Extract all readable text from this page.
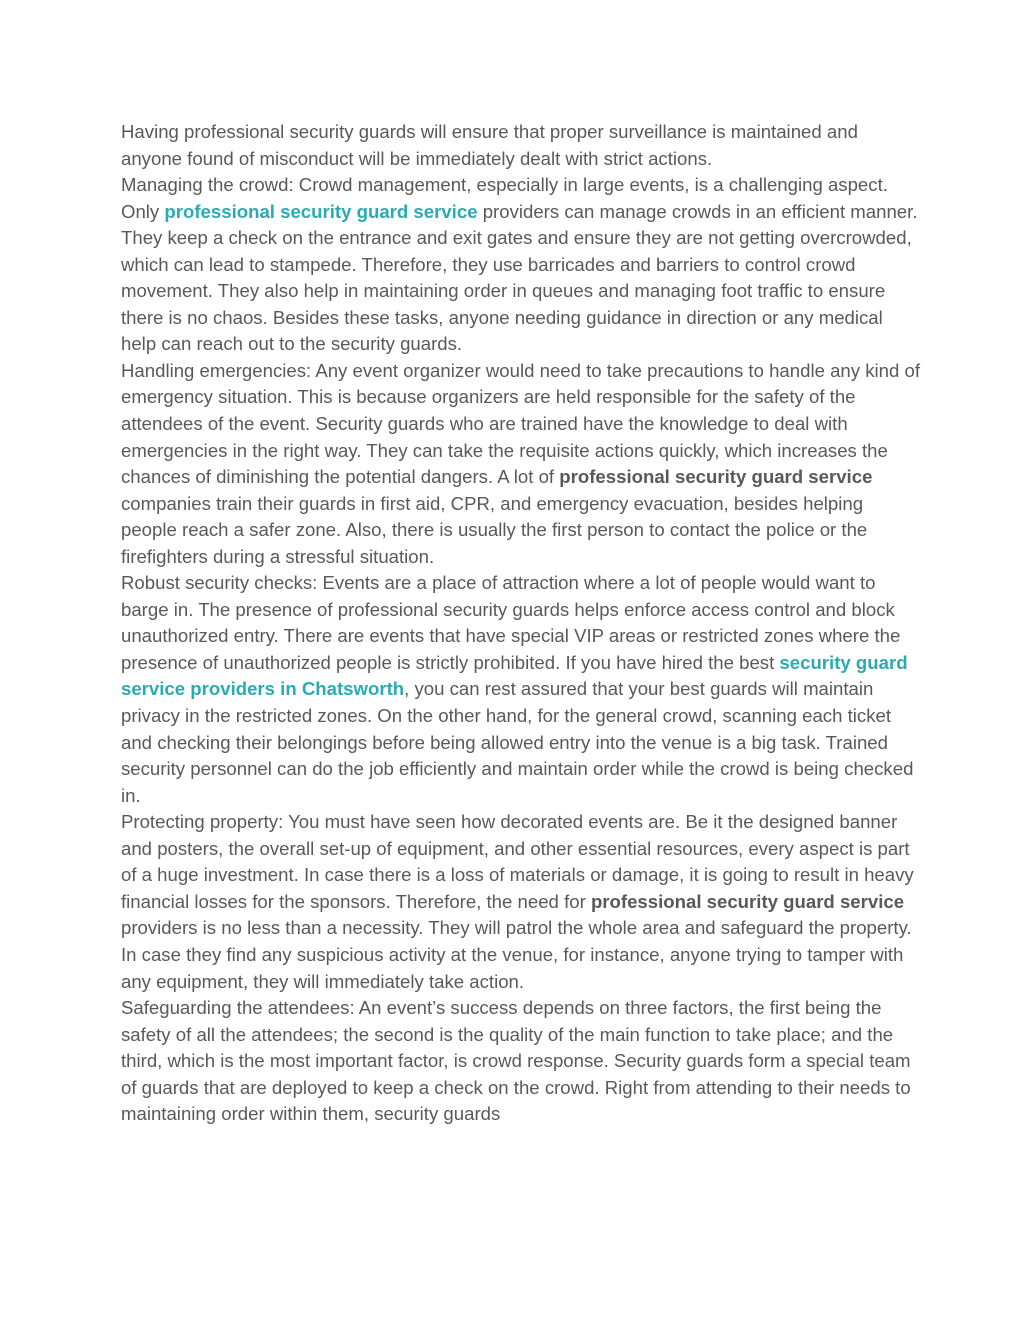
Having professional security guards will ensure that proper surveillance is maintained and anyone found of misconduct will be immediately dealt with strict actions.

Managing the crowd: Crowd management, especially in large events, is a challenging aspect. Only professional security guard service providers can manage crowds in an efficient manner. They keep a check on the entrance and exit gates and ensure they are not getting overcrowded, which can lead to stampede. Therefore, they use barricades and barriers to control crowd movement. They also help in maintaining order in queues and managing foot traffic to ensure there is no chaos. Besides these tasks, anyone needing guidance in direction or any medical help can reach out to the security guards.

Handling emergencies: Any event organizer would need to take precautions to handle any kind of emergency situation. This is because organizers are held responsible for the safety of the attendees of the event. Security guards who are trained have the knowledge to deal with emergencies in the right way. They can take the requisite actions quickly, which increases the chances of diminishing the potential dangers. A lot of professional security guard service companies train their guards in first aid, CPR, and emergency evacuation, besides helping people reach a safer zone. Also, there is usually the first person to contact the police or the firefighters during a stressful situation.

Robust security checks: Events are a place of attraction where a lot of people would want to barge in. The presence of professional security guards helps enforce access control and block unauthorized entry. There are events that have special VIP areas or restricted zones where the presence of unauthorized people is strictly prohibited. If you have hired the best security guard service providers in Chatsworth, you can rest assured that your best guards will maintain privacy in the restricted zones. On the other hand, for the general crowd, scanning each ticket and checking their belongings before being allowed entry into the venue is a big task. Trained security personnel can do the job efficiently and maintain order while the crowd is being checked in.

Protecting property: You must have seen how decorated events are. Be it the designed banner and posters, the overall set-up of equipment, and other essential resources, every aspect is part of a huge investment. In case there is a loss of materials or damage, it is going to result in heavy financial losses for the sponsors. Therefore, the need for professional security guard service providers is no less than a necessity. They will patrol the whole area and safeguard the property. In case they find any suspicious activity at the venue, for instance, anyone trying to tamper with any equipment, they will immediately take action.

Safeguarding the attendees: An event’s success depends on three factors, the first being the safety of all the attendees; the second is the quality of the main function to take place; and the third, which is the most important factor, is crowd response. Security guards form a special team of guards that are deployed to keep a check on the crowd. Right from attending to their needs to maintaining order within them, security guards
